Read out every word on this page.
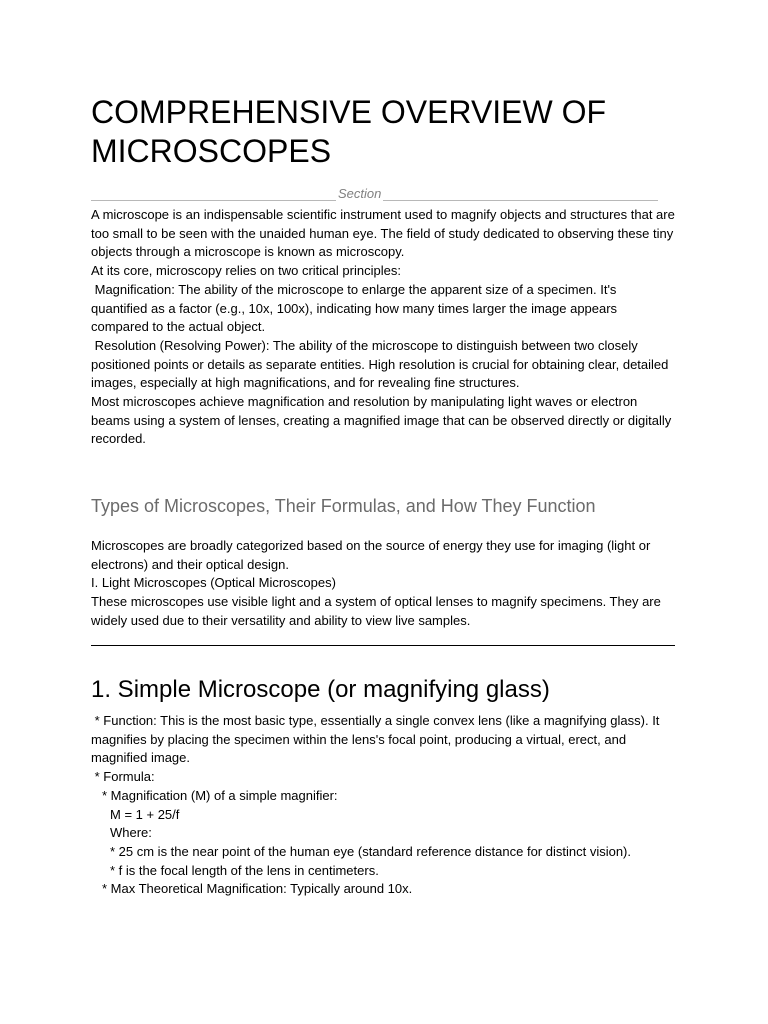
COMPREHENSIVE OVERVIEW OF MICROSCOPES
Section

A microscope is an indispensable scientific instrument used to magnify objects and structures that are too small to be seen with the unaided human eye. The field of study dedicated to observing these tiny objects through a microscope is known as microscopy.

At its core, microscopy relies on two critical principles:

Magnification: The ability of the microscope to enlarge the apparent size of a specimen. It's quantified as a factor (e.g., 10x, 100x), indicating how many times larger the image appears compared to the actual object.

Resolution (Resolving Power): The ability of the microscope to distinguish between two closely positioned points or details as separate entities. High resolution is crucial for obtaining clear, detailed images, especially at high magnifications, and for revealing fine structures.

Most microscopes achieve magnification and resolution by manipulating light waves or electron beams using a system of lenses, creating a magnified image that can be observed directly or digitally recorded.

Types of Microscopes, Their Formulas, and How They Function

Microscopes are broadly categorized based on the source of energy they use for imaging (light or electrons) and their optical design.

I. Light Microscopes (Optical Microscopes)

These microscopes use visible light and a system of optical lenses to magnify specimens. They are widely used due to their versatility and ability to view live samples.

1. Simple Microscope (or magnifying glass)

* Function: This is the most basic type, essentially a single convex lens (like a magnifying glass). It magnifies by placing the specimen within the lens's focal point, producing a virtual, erect, and magnified image.

* Formula:

* Magnification (M) of a simple magnifier:

M = 1 + 25/f

Where:

* 25 cm is the near point of the human eye (standard reference distance for distinct vision).

* f is the focal length of the lens in centimeters.

* Max Theoretical Magnification: Typically around 10x.
